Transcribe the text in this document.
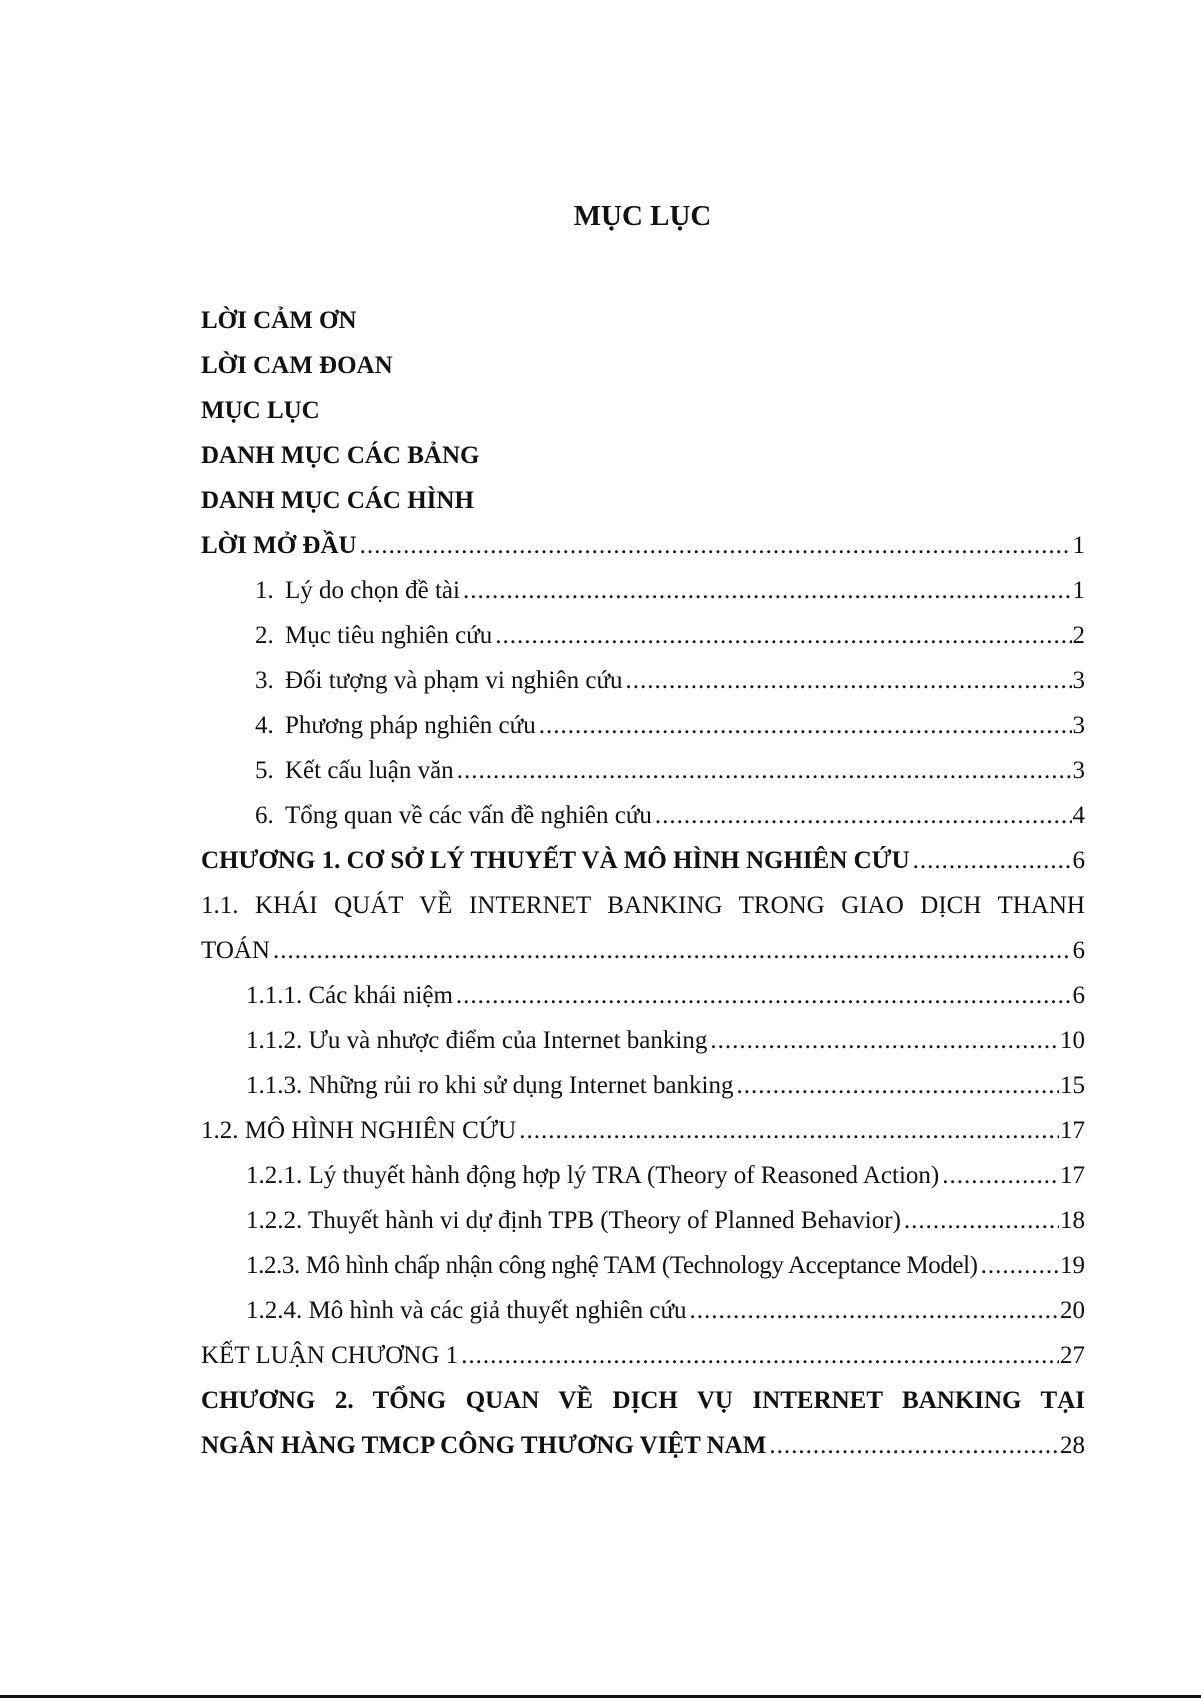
MỤC LỤC
LỜI CẢM ƠN
LỜI CAM ĐOAN
MỤC LỤC
DANH MỤC CÁC BẢNG
DANH MỤC CÁC HÌNH
LỜI MỞ ĐẦU .....	1
1. Lý do chọn đề tài .....	1
2. Mục tiêu nghiên cứu .....	2
3. Đối tượng và phạm vi nghiên cứu .....	3
4. Phương pháp nghiên cứu .....	3
5. Kết cấu luận văn .....	3
6. Tổng quan về các vấn đề nghiên cứu .....	4
CHƯƠNG 1. CƠ SỞ LÝ THUYẾT VÀ MÔ HÌNH NGHIÊN CỨU .....	6
1.1. KHÁI QUÁT VỀ INTERNET BANKING TRONG GIAO DỊCH THANH
TOÁN .....	6
1.1.1. Các khái niệm .....	6
1.1.2. Ưu và nhược điểm của Internet banking .....	10
1.1.3. Những rủi ro khi sử dụng Internet banking .....	15
1.2. MÔ HÌNH NGHIÊN CỨU .....	17
1.2.1. Lý thuyết hành động hợp lý TRA (Theory of Reasoned Action) .....	17
1.2.2. Thuyết hành vi dự định TPB (Theory of Planned Behavior) .....	18
1.2.3. Mô hình chấp nhận công nghệ TAM (Technology Acceptance Model) .....	19
1.2.4. Mô hình và các giả thuyết nghiên cứu .....	20
KẾT LUẬN CHƯƠNG 1 .....	27
CHƯƠNG 2. TỔNG QUAN VỀ DỊCH VỤ INTERNET BANKING TẠI
NGÂN HÀNG TMCP CÔNG THƯƠNG VIỆT NAM .....	28
